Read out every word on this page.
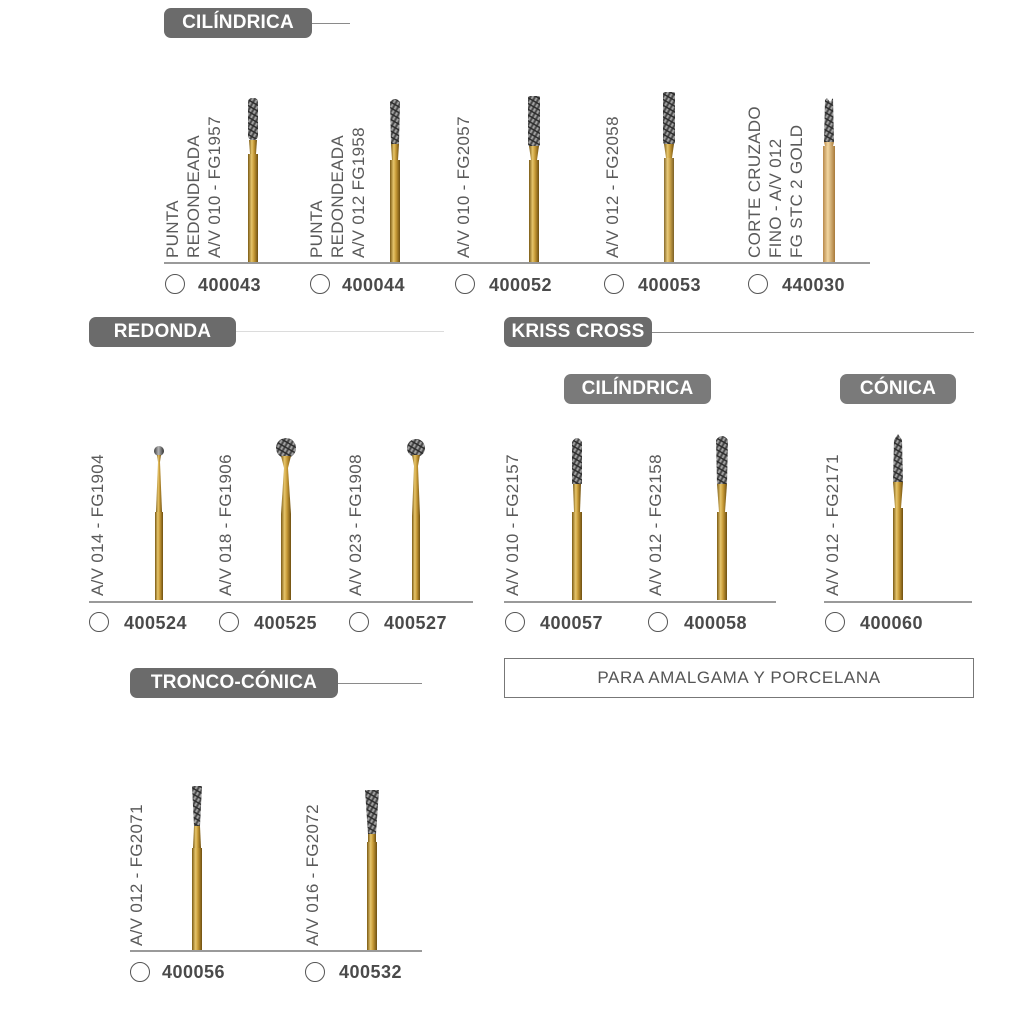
CILÍNDRICA
PUNTA REDONDEADA A/V 010 - FG1957
400043
PUNTA REDONDEADA A/V 012 FG1958
400044
A/V 010 - FG2057
400052
A/V 012 - FG2058
400053
CORTE CRUZADO FINO - A/V 012 FG STC 2 GOLD
440030
REDONDA
A/V 014 - FG1904
400524
A/V 018 - FG1906
400525
A/V 023 - FG1908
400527
KRISS CROSS
CILÍNDRICA	CÓNICA
A/V 010 - FG2157
400057
A/V 012 - FG2158
400058
A/V 012 - FG2171
400060
PARA AMALGAMA Y PORCELANA
TRONCO-CÓNICA
A/V 012 - FG2071
400056
A/V 016 - FG2072
400532
